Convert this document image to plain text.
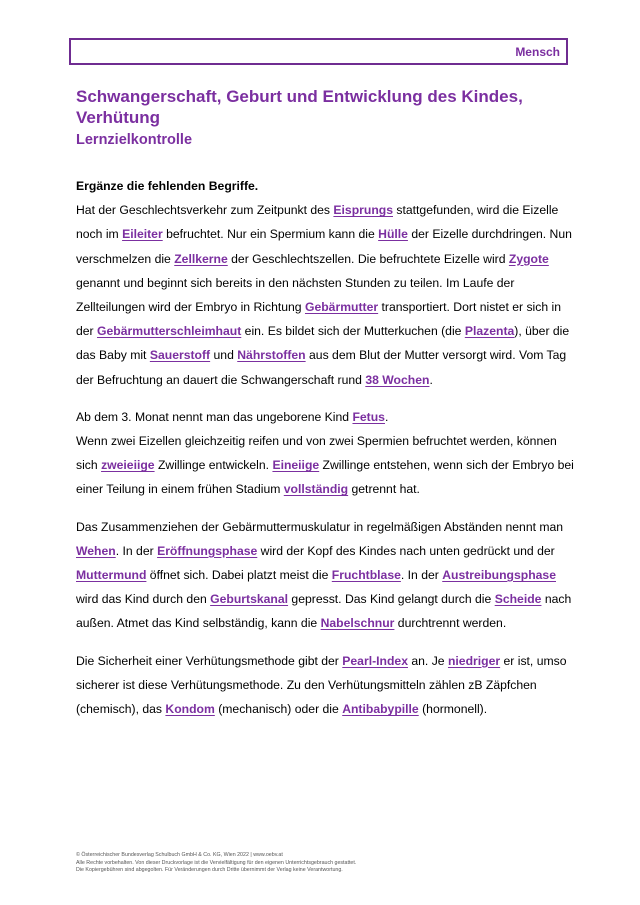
Mensch
Schwangerschaft, Geburt und Entwicklung des Kindes,
Verhütung
Lernzielkontrolle

Ergänze die fehlenden Begriffe.

Hat der Geschlechtsverkehr zum Zeitpunkt des Eisprungs stattgefunden, wird die Eizelle noch im Eileiter befruchtet. Nur ein Spermium kann die Hülle der Eizelle durchdringen. Nun verschmelzen die Zellkerne der Geschlechtszellen. Die befruchtete Eizelle wird Zygote genannt und beginnt sich bereits in den nächsten Stunden zu teilen. Im Laufe der Zellteilungen wird der Embryo in Richtung Gebärmutter transportiert. Dort nistet er sich in der Gebärmutterschleimhaut ein. Es bildet sich der Mutterkuchen (die Plazenta), über die das Baby mit Sauerstoff und Nährstoffen aus dem Blut der Mutter versorgt wird. Vom Tag der Befruchtung an dauert die Schwangerschaft rund 38 Wochen.

Ab dem 3. Monat nennt man das ungeborene Kind Fetus.
Wenn zwei Eizellen gleichzeitig reifen und von zwei Spermien befruchtet werden, können sich zweieiige Zwillinge entwickeln. Eineiige Zwillinge entstehen, wenn sich der Embryo bei einer Teilung in einem frühen Stadium vollständig getrennt hat.

Das Zusammenziehen der Gebärmuttermuskulatur in regelmäßigen Abständen nennt man Wehen. In der Eröffnungsphase wird der Kopf des Kindes nach unten gedrückt und der Muttermund öffnet sich. Dabei platzt meist die Fruchtblase. In der Austreibungsphase wird das Kind durch den Geburtskanal gepresst. Das Kind gelangt durch die Scheide nach außen. Atmet das Kind selbständig, kann die Nabelschnur durchtrennt werden.

Die Sicherheit einer Verhütungsmethode gibt der Pearl-Index an. Je niedriger er ist, umso sicherer ist diese Verhütungsmethode. Zu den Verhütungsmitteln zählen zB Zäpfchen (chemisch), das Kondom (mechanisch) oder die Antibabypille (hormonell).

© Österreichischer Bundesverlag Schulbuch GmbH & Co. KG, Wien 2022 | www.oebv.at
Alle Rechte vorbehalten. Von dieser Druckvorlage ist die Vervielfältigung für den eigenen Unterrichtsgebrauch gestattet.
Die Kopiergebühren sind abgegolten. Für Veränderungen durch Dritte übernimmt der Verlag keine Verantwortung.
